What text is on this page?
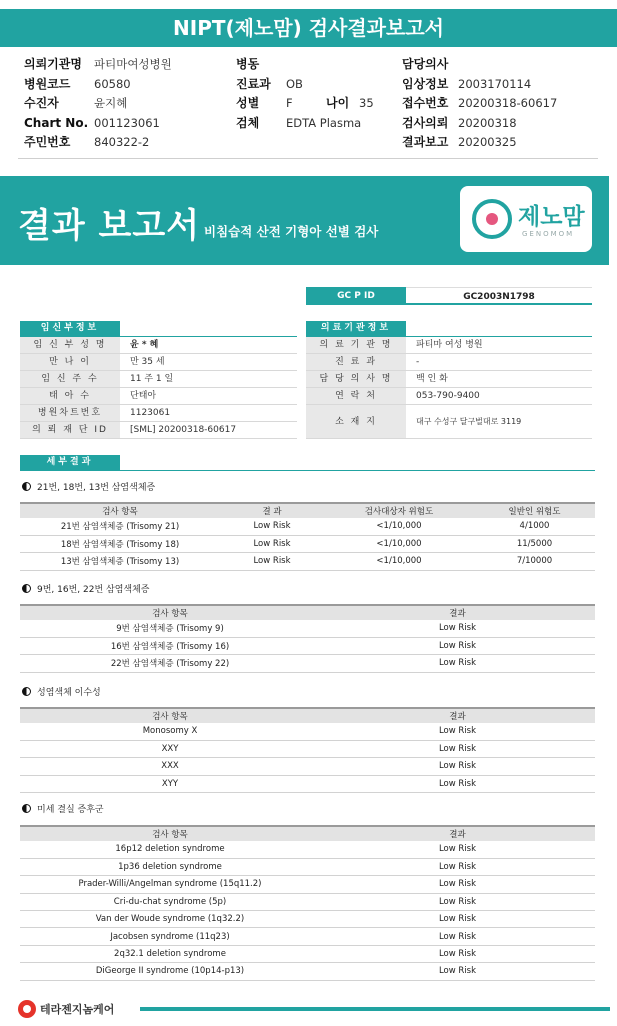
NIPT(제노맘) 검사결과보고서
의뢰기관명	파티마여성병원
병원코드	60580
수진자	윤지혜
Chart No. 001123061
주민번호	840322-2
병동
진료과	OB
성별	F	나이 35
검체	EDTA Plasma
담당의사
임상정보 2003170114
접수번호 20200318-60617
검사의뢰 20200318
결과보고 20200325
결과 보고서 비침습적 산전 기형아 선별 검사
제노맘
GENOMOM
GC P ID	GC2003N1798
임신부정보
임 신 부 성 명	윤 * 혜
만 나 이	만 35 세
임 신 주 수	11 주 1 일
태 아 수	단태아
병원차트번호	1123061
의 뢰 재 단 ID	[SML] 20200318-60617
의료기관정보
의 료 기 관 명	파티마 여성 병원
진 료 과	-
담 당 의 사 명	백 인 화
연 락 처	053-790-9400
소 재 지	대구 수성구 달구벌대로 3119
세부결과
21번, 18번, 13번 삼염색체증
검사 항목	결 과	검사대상자 위험도	일반인 위험도
21번 삼염색체증 (Trisomy 21)	Low Risk	<1/10,000	4/1000
18번 삼염색체증 (Trisomy 18)	Low Risk	<1/10,000	11/5000
13번 삼염색체증 (Trisomy 13)	Low Risk	<1/10,000	7/10000
9번, 16번, 22번 삼염색체증
검사 항목	결과
9번 삼염색체증 (Trisomy 9)	Low Risk
16번 삼염색체증 (Trisomy 16)	Low Risk
22번 삼염색체증 (Trisomy 22)	Low Risk
성염색체 이수성
검사 항목	결과
Monosomy X	Low Risk
XXY	Low Risk
XXX	Low Risk
XYY	Low Risk
미세 결실 증후군
검사 항목	결과
16p12 deletion syndrome	Low Risk
1p36 deletion syndrome	Low Risk
Prader-Willi/Angelman syndrome (15q11.2)	Low Risk
Cri-du-chat syndrome (5p)	Low Risk
Van der Woude syndrome (1q32.2)	Low Risk
Jacobsen syndrome (11q23)	Low Risk
2q32.1 deletion syndrome	Low Risk
DiGeorge II syndrome (10p14-p13)	Low Risk
테라젠지놈케어
